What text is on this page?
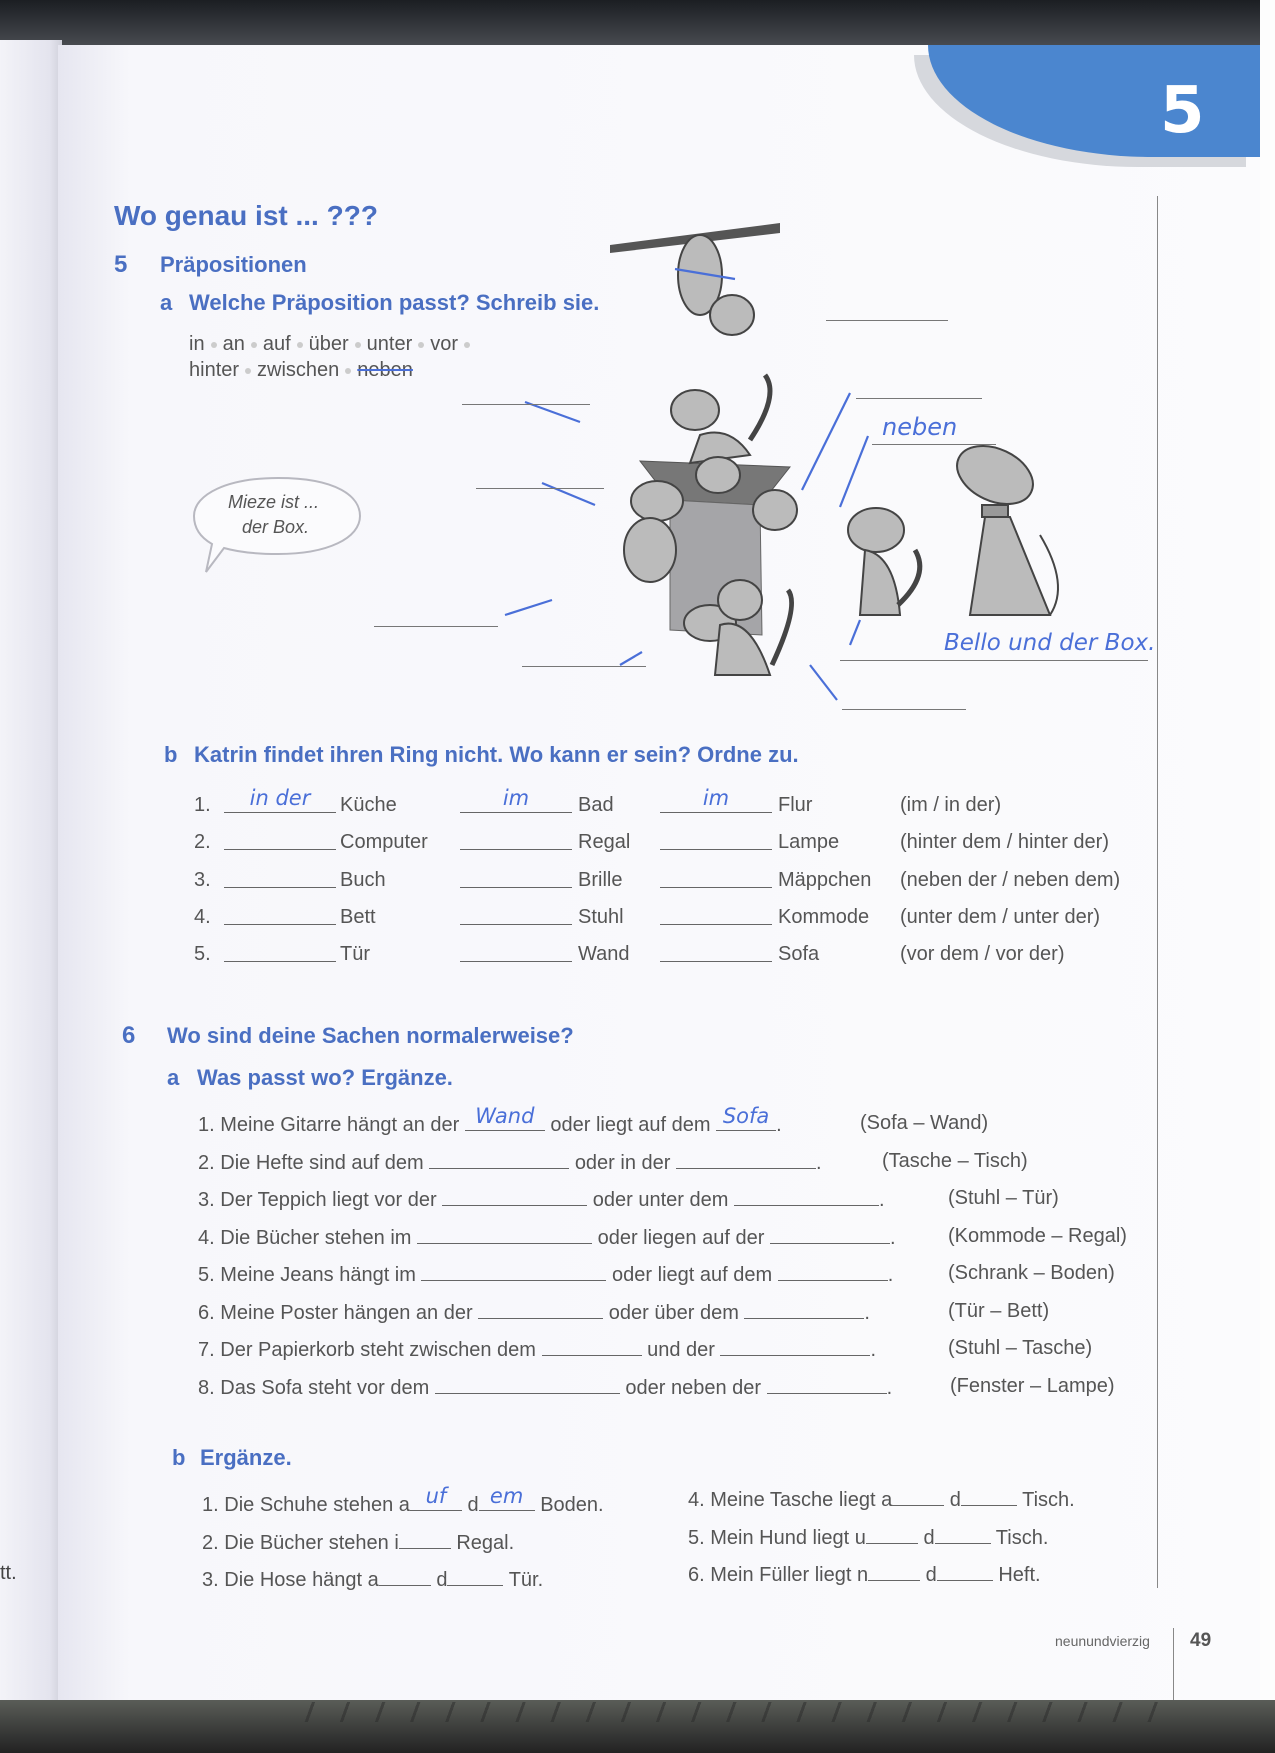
tt.
5
Wo genau ist ... ???
5 Präpositionen
a Welche Präposition passt? Schreib sie.
in an auf über unter vor
hinter zwischen neben
Mieze ist ...
der Box.
neben
Bello und der Box.
b Katrin findet ihren Ring nicht. Wo kann er sein? Ordne zu.
1.	in der	Küche	im	Bad	im	Flur	(im / in der)
2.	Computer	Regal	Lampe	(hinter dem / hinter der)
3.	Buch	Brille	Mäppchen (neben der / neben dem)
4.	Bett	Stuhl	Kommode (unter dem / unter der)
5.	Tür	Wand	Sofa	(vor dem / vor der)
6 Wo sind deine Sachen normalerweise?
a Was passt wo? Ergänze.
1. Meine Gitarre hängt an der Wand oder liegt auf dem Sofa .	(Sofa – Wand)
2. Die Hefte sind auf dem	oder in der	.	(Tasche – Tisch)
3. Der Teppich liegt vor der	oder unter dem	.	(Stuhl – Tür)
4. Die Bücher stehen im	oder liegen auf der	.	(Kommode – Regal)
5. Meine Jeans hängt im	oder liegt auf dem	.	(Schrank – Boden)
6. Meine Poster hängen an der	oder über dem	.	(Tür – Bett)
7. Der Papierkorb steht zwischen dem	und der	.	(Stuhl – Tasche)
8. Das Sofa steht vor dem	oder neben der	.	(Fenster – Lampe)
b Ergänze.
1. Die Schuhe stehen a uf	d em Boden.
2. Die Bücher stehen i	Regal.
3. Die Hose hängt a	d	Tür.
4. Meine Tasche liegt a	d	Tisch.
5. Mein Hund liegt u	d	Tisch.
6. Mein Füller liegt n	d	Heft.
neunundvierzig 49
